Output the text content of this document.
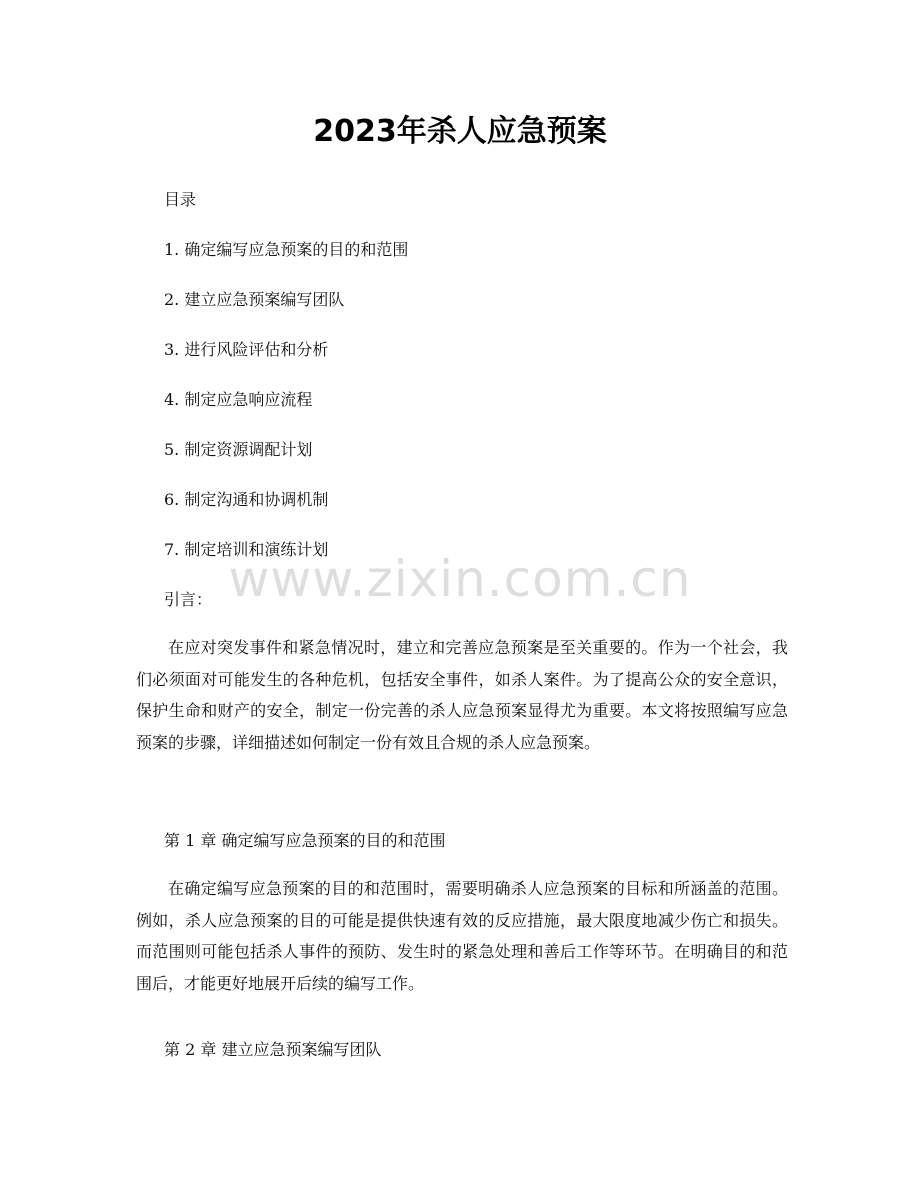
2023年杀人应急预案

目录

1. 确定编写应急预案的目的和范围

2. 建立应急预案编写团队

3. 进行风险评估和分析

4. 制定应急响应流程

5. 制定资源调配计划

6. 制定沟通和协调机制

7. 制定培训和演练计划

引言：

在应对突发事件和紧急情况时，建立和完善应急预案是至关重要的。作为一个社会，我们必须面对可能发生的各种危机，包括安全事件，如杀人案件。为了提高公众的安全意识，保护生命和财产的安全，制定一份完善的杀人应急预案显得尤为重要。本文将按照编写应急预案的步骤，详细描述如何制定一份有效且合规的杀人应急预案。

第 1 章 确定编写应急预案的目的和范围

在确定编写应急预案的目的和范围时，需要明确杀人应急预案的目标和所涵盖的范围。例如，杀人应急预案的目的可能是提供快速有效的反应措施，最大限度地减少伤亡和损失。而范围则可能包括杀人事件的预防、发生时的紧急处理和善后工作等环节。在明确目的和范围后，才能更好地展开后续的编写工作。

第 2 章 建立应急预案编写团队

www.zixin.com.cn
